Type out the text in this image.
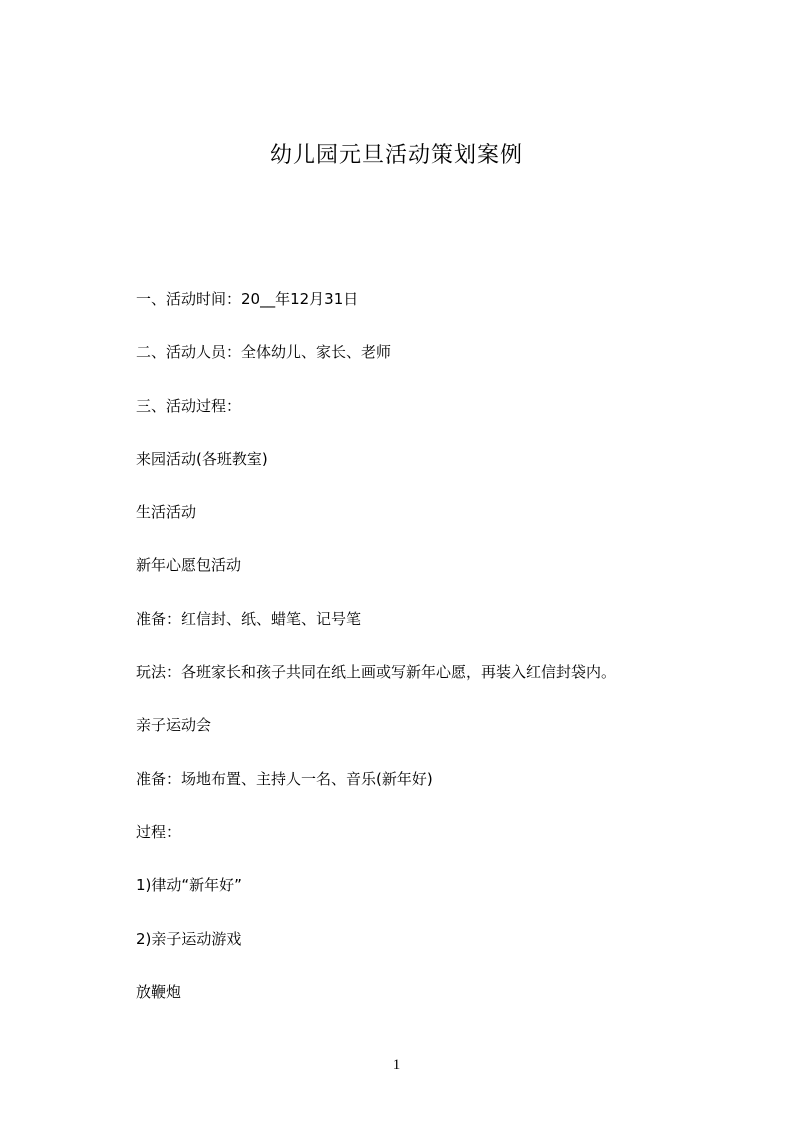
幼儿园元旦活动策划案例
一、活动时间：20__年12月31日
二、活动人员：全体幼儿、家长、老师
三、活动过程：
来园活动(各班教室)
生活活动
新年心愿包活动
准备：红信封、纸、蜡笔、记号笔
玩法：各班家长和孩子共同在纸上画或写新年心愿，再装入红信封袋内。
亲子运动会
准备：场地布置、主持人一名、音乐(新年好)
过程：
1)律动“新年好”
2)亲子运动游戏
放鞭炮
1
